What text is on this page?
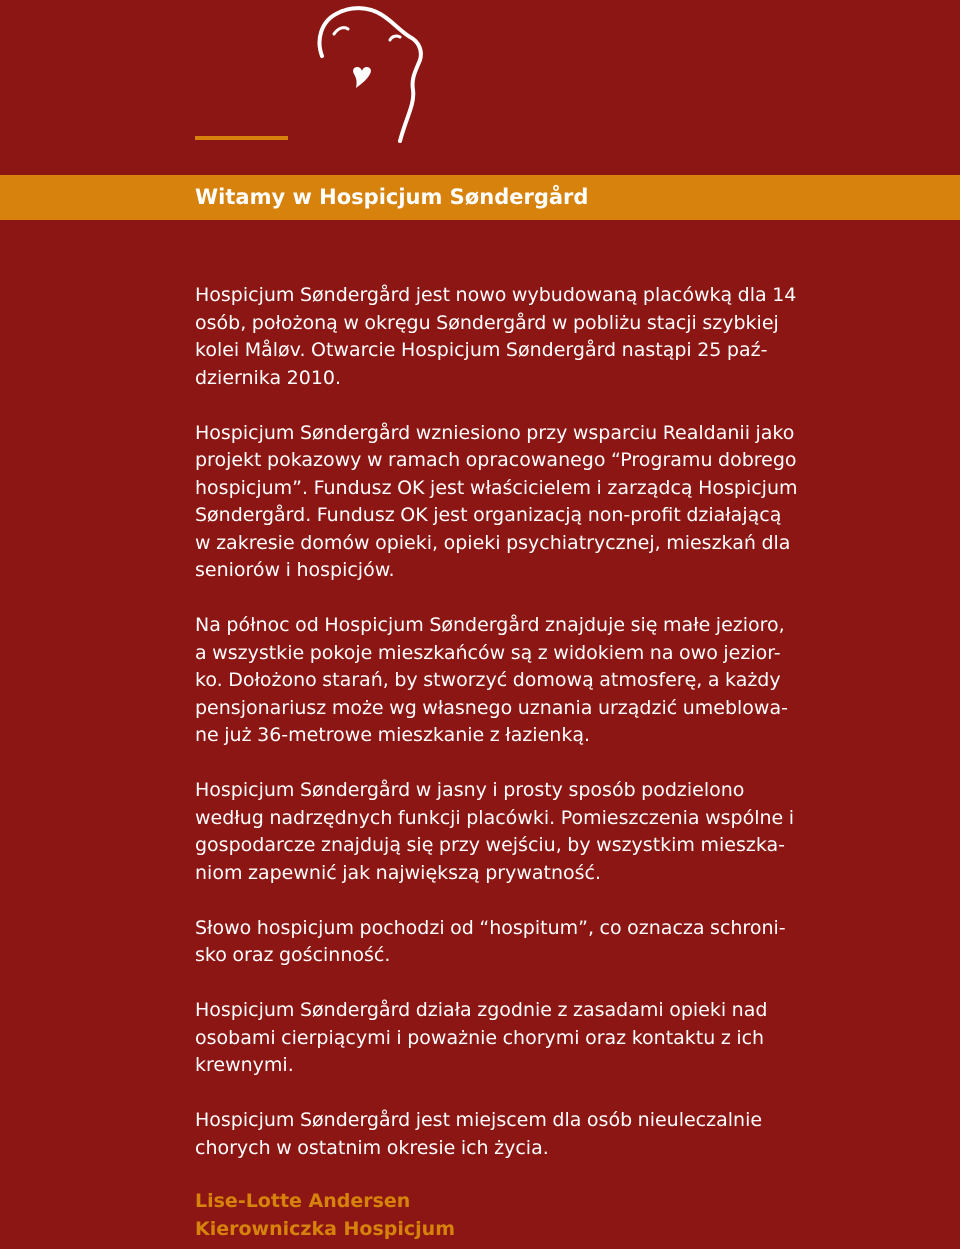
Witamy w Hospicjum Søndergård

Hospicjum Søndergård jest nowo wybudowaną placówką dla 14
osób, położoną w okręgu Søndergård w pobliżu stacji szybkiej
kolei Måløv. Otwarcie Hospicjum Søndergård nastąpi 25 paź-
dziernika 2010.

Hospicjum Søndergård wzniesiono przy wsparciu Realdanii jako
projekt pokazowy w ramach opracowanego “Programu dobrego
hospicjum”. Fundusz OK jest właścicielem i zarządcą Hospicjum
Søndergård. Fundusz OK jest organizacją non-profit działającą
w zakresie domów opieki, opieki psychiatrycznej, mieszkań dla
seniorów i hospicjów.

Na północ od Hospicjum Søndergård znajduje się małe jezioro,
a wszystkie pokoje mieszkańców są z widokiem na owo jezior-
ko. Dołożono starań, by stworzyć domową atmosferę, a każdy
pensjonariusz może wg własnego uznania urządzić umeblowa-
ne już 36-metrowe mieszkanie z łazienką.

Hospicjum Søndergård w jasny i prosty sposób podzielono
według nadrzędnych funkcji placówki. Pomieszczenia wspólne i
gospodarcze znajdują się przy wejściu, by wszystkim mieszka-
niom zapewnić jak największą prywatność.

Słowo hospicjum pochodzi od “hospitum”, co oznacza schroni-
sko oraz gościnność.

Hospicjum Søndergård działa zgodnie z zasadami opieki nad
osobami cierpiącymi i poważnie chorymi oraz kontaktu z ich
krewnymi.

Hospicjum Søndergård jest miejscem dla osób nieuleczalnie
chorych w ostatnim okresie ich życia.

Lise-Lotte Andersen
Kierowniczka Hospicjum
